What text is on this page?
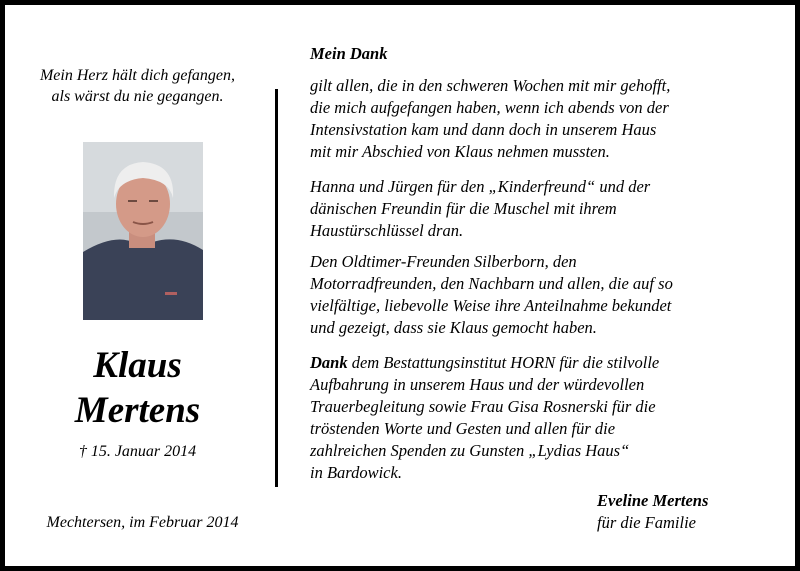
Mein Herz hält dich gefangen,
als wärst du nie gegangen.
Klaus
Mertens
† 15. Januar 2014
Mechtersen, im Februar 2014
Mein Dank
gilt allen, die in den schweren Wochen mit mir gehofft,
die mich aufgefangen haben, wenn ich abends von der
Intensivstation kam und dann doch in unserem Haus
mit mir Abschied von Klaus nehmen mussten.
Hanna und Jürgen für den „Kinderfreund“ und der
dänischen Freundin für die Muschel mit ihrem
Haustürschlüssel dran.
Den Oldtimer-Freunden Silberborn, den
Motorradfreunden, den Nachbarn und allen, die auf so
vielfältige, liebevolle Weise ihre Anteilnahme bekundet
und gezeigt, dass sie Klaus gemocht haben.
Dank dem Bestattungsinstitut HORN für die stilvolle
Aufbahrung in unserem Haus und der würdevollen
Trauerbegleitung sowie Frau Gisa Rosnerski für die
tröstenden Worte und Gesten und allen für die
zahlreichen Spenden zu Gunsten „Lydias Haus“
in Bardowick.
Eveline Mertens
für die Familie
